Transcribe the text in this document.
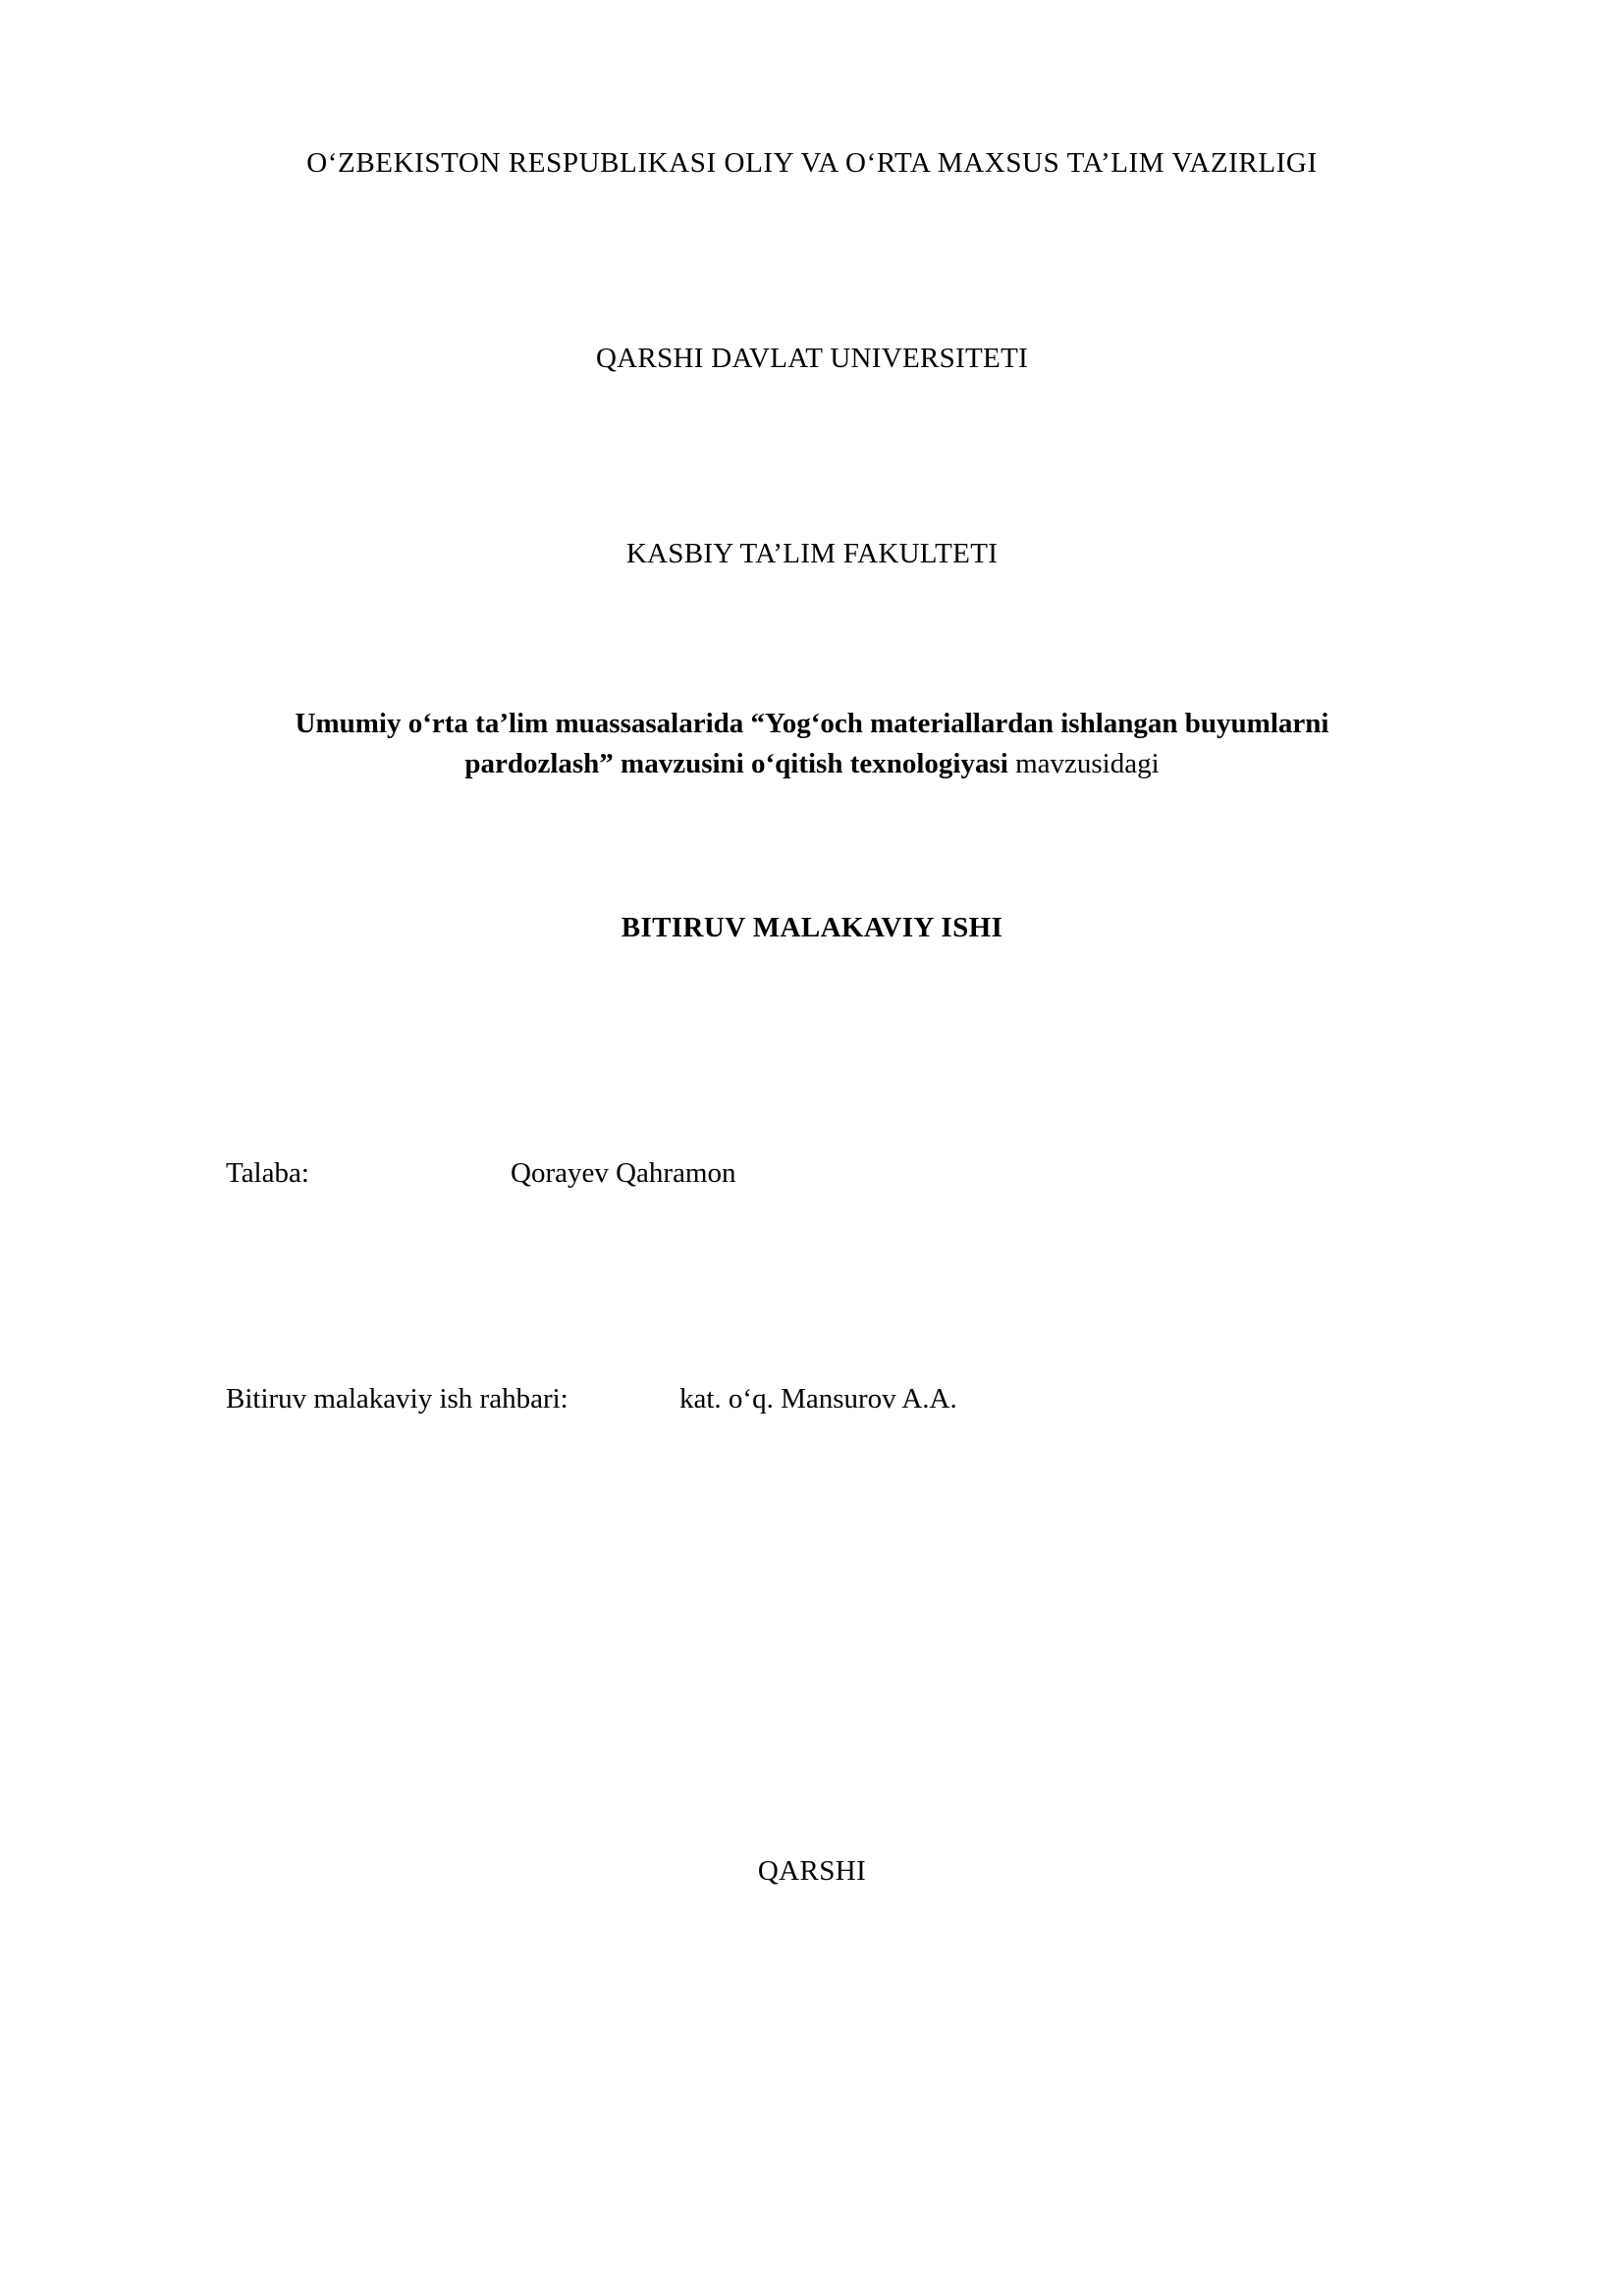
O‘ZBEKISTON RESPUBLIKASI OLIY VA O‘RTA MAXSUS TA’LIM VAZIRLIGI
QARSHI DAVLAT UNIVERSITETI
KASBIY TA’LIM FAKULTETI
Umumiy o‘rta ta’lim muassasalarida “Yog‘och materiallardan ishlangan buyumlarni pardozlash” mavzusini o‘qitish texnologiyasi mavzusidagi
BITIRUV MALAKAVIY ISHI
Talaba:	Qorayev Qahramon
Bitiruv malakaviy ish rahbari:	kat. o‘q. Mansurov A.A.
QARSHI
